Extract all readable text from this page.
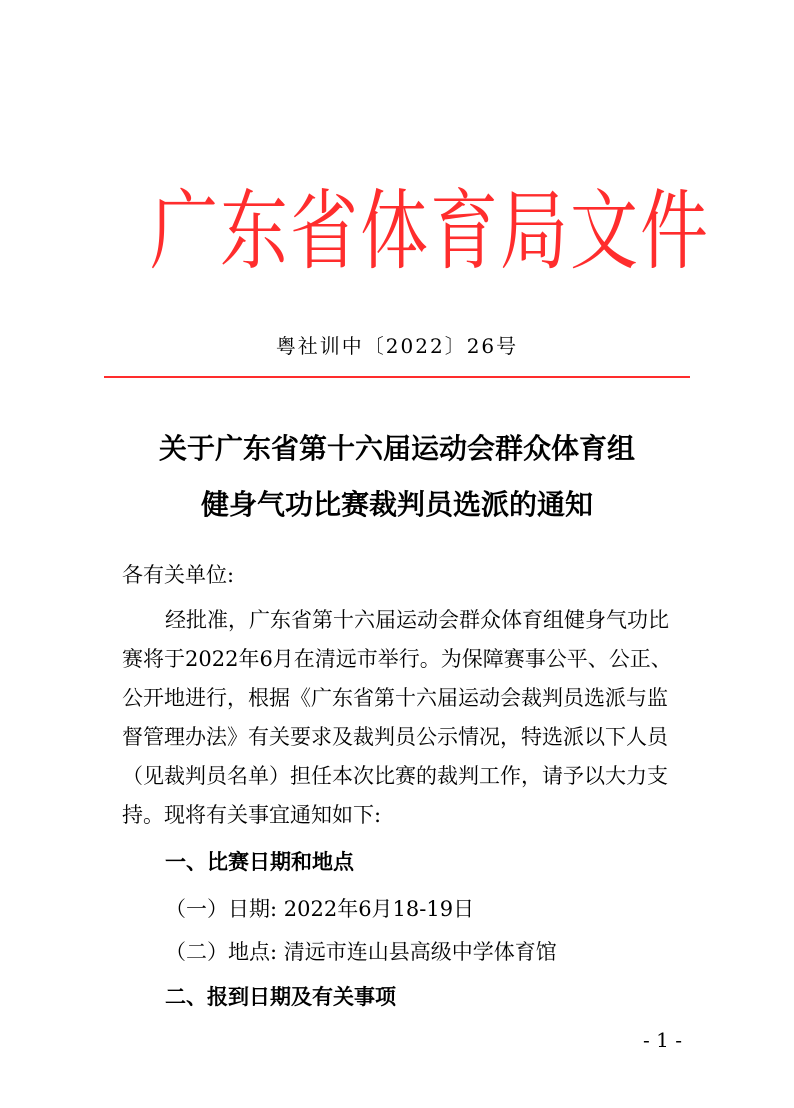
广东省体育局文件
粤社训中〔2022〕26号
关于广东省第十六届运动会群众体育组
健身气功比赛裁判员选派的通知
各有关单位:
经批准，广东省第十六届运动会群众体育组健身气功比
赛将于2022年6月在清远市举行。为保障赛事公平、公正、
公开地进行，根据《广东省第十六届运动会裁判员选派与监
督管理办法》有关要求及裁判员公示情况，特选派以下人员
（见裁判员名单）担任本次比赛的裁判工作，请予以大力支
持。现将有关事宜通知如下:
一、比赛日期和地点
（一）日期: 2022年6月18-19日
（二）地点: 清远市连山县高级中学体育馆
二、报到日期及有关事项
- 1 -
